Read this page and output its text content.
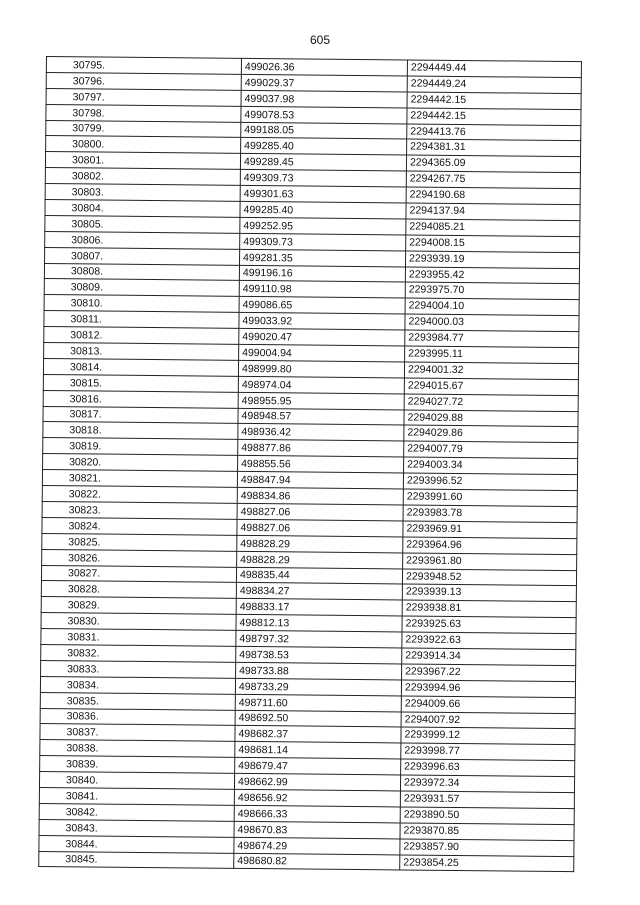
605
30795.	499026.36	2294449.44
30796.	499029.37	2294449.24
30797.	499037.98	2294442.15
30798.	499078.53	2294442.15
30799.	499188.05	2294413.76
30800.	499285.40	2294381.31
30801.	499289.45	2294365.09
30802.	499309.73	2294267.75
30803.	499301.63	2294190.68
30804.	499285.40	2294137.94
30805.	499252.95	2294085.21
30806.	499309.73	2294008.15
30807.	499281.35	2293939.19
30808.	499196.16	2293955.42
30809.	499110.98	2293975.70
30810.	499086.65	2294004.10
30811.	499033.92	2294000.03
30812.	499020.47	2293984.77
30813.	499004.94	2293995.11
30814.	498999.80	2294001.32
30815.	498974.04	2294015.67
30816.	498955.95	2294027.72
30817.	498948.57	2294029.88
30818.	498936.42	2294029.86
30819.	498877.86	2294007.79
30820.	498855.56	2294003.34
30821.	498847.94	2293996.52
30822.	498834.86	2293991.60
30823.	498827.06	2293983.78
30824.	498827.06	2293969.91
30825.	498828.29	2293964.96
30826.	498828.29	2293961.80
30827.	498835.44	2293948.52
30828.	498834.27	2293939.13
30829.	498833.17	2293938.81
30830.	498812.13	2293925.63
30831.	498797.32	2293922.63
30832.	498738.53	2293914.34
30833.	498733.88	2293967.22
30834.	498733.29	2293994.96
30835.	498711.60	2294009.66
30836.	498692.50	2294007.92
30837.	498682.37	2293999.12
30838.	498681.14	2293998.77
30839.	498679.47	2293996.63
30840.	498662.99	2293972.34
30841.	498656.92	2293931.57
30842.	498666.33	2293890.50
30843.	498670.83	2293870.85
30844.	498674.29	2293857.90
30845.	498680.82	2293854.25
